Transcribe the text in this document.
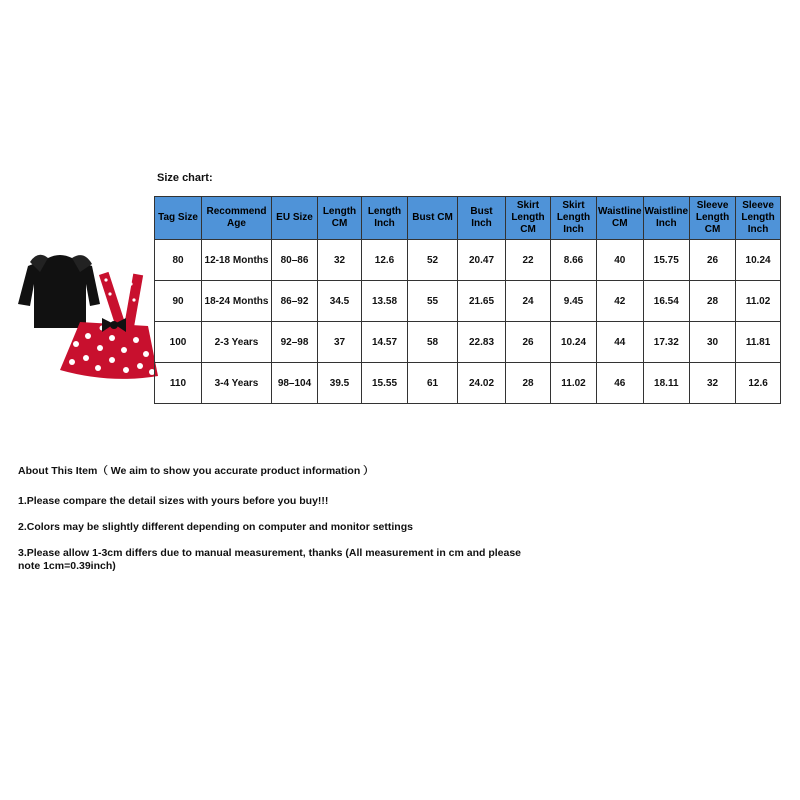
Size chart:
Tag Size	Recommend Age	EU Size	Length CM	Length Inch	Bust CM	Bust Inch	Skirt Length CM	Skirt Length Inch	Waistline CM	Waistline Inch	Sleeve Length CM	Sleeve Length Inch
80	12-18 Months	80–86	32	12.6	52	20.47	22	8.66	40	15.75	26	10.24
90	18-24 Months	86–92	34.5	13.58	55	21.65	24	9.45	42	16.54	28	11.02
100	2-3 Years	92–98	37	14.57	58	22.83	26	10.24	44	17.32	30	11.81
110	3-4 Years	98–104	39.5	15.55	61	24.02	28	11.02	46	18.11	32	12.6
About This Item（ We aim to show you accurate product information ）

1.Please compare the detail sizes with yours before you buy!!!

2.Colors may be slightly different depending on computer and monitor settings

3.Please allow 1-3cm differs due to manual measurement, thanks (All measurement in cm and please note 1cm=0.39inch)
